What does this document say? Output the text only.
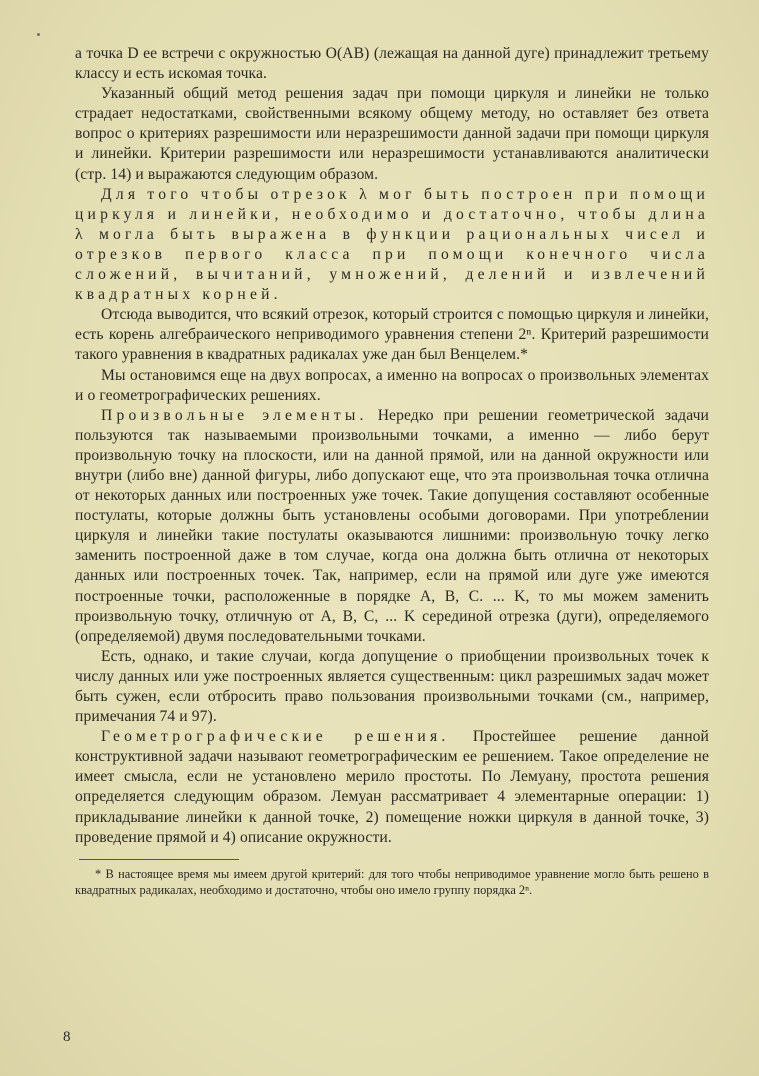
а точка D ее встречи с окружностью O(AB) (лежащая на данной дуге) принадлежит третьему классу и есть искомая точка.

Указанный общий метод решения задач при помощи циркуля и линейки не только страдает недостатками, свойственными всякому общему методу, но оставляет без ответа вопрос о критериях разрешимости или неразрешимости данной задачи при помощи циркуля и линейки. Критерии разрешимости или неразрешимости устанавливаются аналитически (стр. 14) и выражаются следующим образом.

Для того чтобы отрезок λ мог быть построен при помощи циркуля и линейки, необходимо и достаточно, чтобы длина λ могла быть выражена в функции рациональных чисел и отрезков первого класса при помощи конечного числа сложений, вычитаний, умножений, делений и извлечений квадратных корней.

Отсюда выводится, что всякий отрезок, который строится с помощью циркуля и линейки, есть корень алгебраического неприводимого уравнения степени 2ⁿ. Критерий разрешимости такого уравнения в квадратных радикалах уже дан был Венцелем.*

Мы остановимся еще на двух вопросах, а именно на вопросах о произвольных элементах и о геометрографических решениях.

Произвольные элементы. Нередко при решении геометрической задачи пользуются так называемыми произвольными точками, а именно — либо берут произвольную точку на плоскости, или на данной прямой, или на данной окружности или внутри (либо вне) данной фигуры, либо допускают еще, что эта произвольная точка отлична от некоторых данных или построенных уже точек. Такие допущения составляют особенные постулаты, которые должны быть установлены особыми договорами. При употреблении циркуля и линейки такие постулаты оказываются лишними: произвольную точку легко заменить построенной даже в том случае, когда она должна быть отлична от некоторых данных или построенных точек. Так, например, если на прямой или дуге уже имеются построенные точки, расположенные в порядке A, B, C. ... K, то мы можем заменить произвольную точку, отличную от A, B, C, ... K серединой отрезка (дуги), определяемого (определяемой) двумя последовательными точками.

Есть, однако, и такие случаи, когда допущение о приобщении произвольных точек к числу данных или уже построенных является существенным: цикл разрешимых задач может быть сужен, если отбросить право пользования произвольными точками (см., например, примечания 74 и 97).

Геометрографические решения. Простейшее решение данной конструктивной задачи называют геометрографическим ее решением. Такое определение не имеет смысла, если не установлено мерило простоты. По Лемуану, простота решения определяется следующим образом. Лемуан рассматривает 4 элементарные операции: 1) прикладывание линейки к данной точке, 2) помещение ножки циркуля в данной точке, 3) проведение прямой и 4) описание окружности.

* В настоящее время мы имеем другой критерий: для того чтобы неприводимое уравнение могло быть решено в квадратных радикалах, необходимо и достаточно, чтобы оно имело группу порядка 2ⁿ.

8
